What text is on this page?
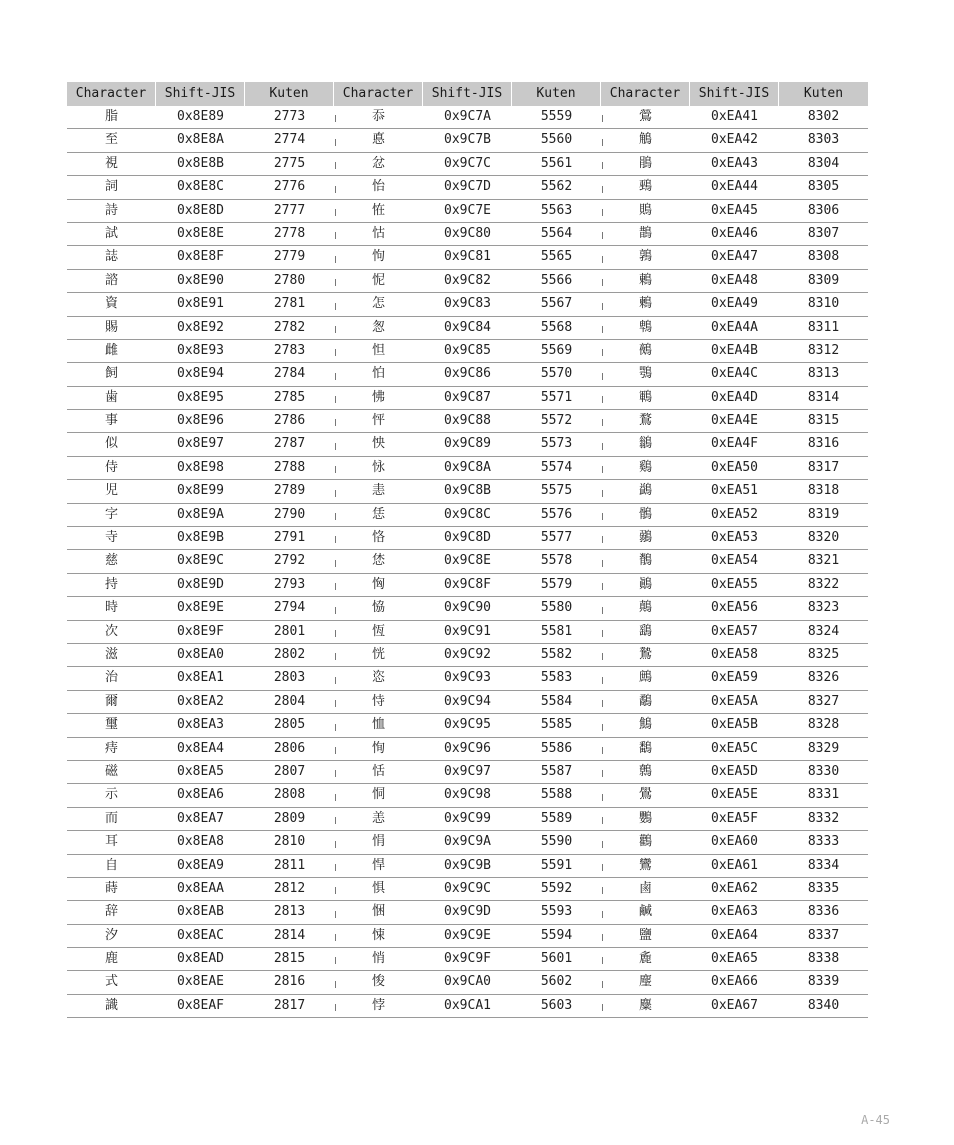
Character	Shift-JIS	Kuten	Character	Shift-JIS	Kuten	Character	Shift-JIS	Kuten
脂	0x8E89	2773	忝	0x9C7A	5559	鶯	0xEA41	8302
至	0x8E8A	2774	悳	0x9C7B	5560	鵤	0xEA42	8303
視	0x8E8B	2775	忿	0x9C7C	5561	鵑	0xEA43	8304
詞	0x8E8C	2776	怡	0x9C7D	5562	鵐	0xEA44	8305
詩	0x8E8D	2777	恠	0x9C7E	5563	鵙	0xEA45	8306
試	0x8E8E	2778	怙	0x9C80	5564	鵲	0xEA46	8307
誌	0x8E8F	2779	怐	0x9C81	5565	鶉	0xEA47	8308
諮	0x8E90	2780	怩	0x9C82	5566	鶇	0xEA48	8309
資	0x8E91	2781	怎	0x9C83	5567	鶫	0xEA49	8310
賜	0x8E92	2782	怱	0x9C84	5568	鵯	0xEA4A	8311
雌	0x8E93	2783	怛	0x9C85	5569	鵺	0xEA4B	8312
飼	0x8E94	2784	怕	0x9C86	5570	鶚	0xEA4C	8313
歯	0x8E95	2785	怫	0x9C87	5571	鶤	0xEA4D	8314
事	0x8E96	2786	怦	0x9C88	5572	鶩	0xEA4E	8315
似	0x8E97	2787	怏	0x9C89	5573	鶲	0xEA4F	8316
侍	0x8E98	2788	怺	0x9C8A	5574	鷄	0xEA50	8317
児	0x8E99	2789	恚	0x9C8B	5575	鷁	0xEA51	8318
字	0x8E9A	2790	恁	0x9C8C	5576	鶻	0xEA52	8319
寺	0x8E9B	2791	恪	0x9C8D	5577	鶸	0xEA53	8320
慈	0x8E9C	2792	恷	0x9C8E	5578	鶺	0xEA54	8321
持	0x8E9D	2793	恟	0x9C8F	5579	鷆	0xEA55	8322
時	0x8E9E	2794	恊	0x9C90	5580	鷏	0xEA56	8323
次	0x8E9F	2801	恆	0x9C91	5581	鷂	0xEA57	8324
滋	0x8EA0	2802	恍	0x9C92	5582	鷙	0xEA58	8325
治	0x8EA1	2803	恣	0x9C93	5583	鷓	0xEA59	8326
爾	0x8EA2	2804	恃	0x9C94	5584	鷸	0xEA5A	8327
璽	0x8EA3	2805	恤	0x9C95	5585	鷦	0xEA5B	8328
痔	0x8EA4	2806	恂	0x9C96	5586	鷭	0xEA5C	8329
磁	0x8EA5	2807	恬	0x9C97	5587	鷯	0xEA5D	8330
示	0x8EA6	2808	恫	0x9C98	5588	鷽	0xEA5E	8331
而	0x8EA7	2809	恙	0x9C99	5589	鸚	0xEA5F	8332
耳	0x8EA8	2810	悁	0x9C9A	5590	鸛	0xEA60	8333
自	0x8EA9	2811	悍	0x9C9B	5591	鸞	0xEA61	8334
蒔	0x8EAA	2812	惧	0x9C9C	5592	鹵	0xEA62	8335
辞	0x8EAB	2813	悃	0x9C9D	5593	鹹	0xEA63	8336
汐	0x8EAC	2814	悚	0x9C9E	5594	鹽	0xEA64	8337
鹿	0x8EAD	2815	悄	0x9C9F	5601	麁	0xEA65	8338
式	0x8EAE	2816	悛	0x9CA0	5602	麈	0xEA66	8339
識	0x8EAF	2817	悖	0x9CA1	5603	麋	0xEA67	8340
A-45
